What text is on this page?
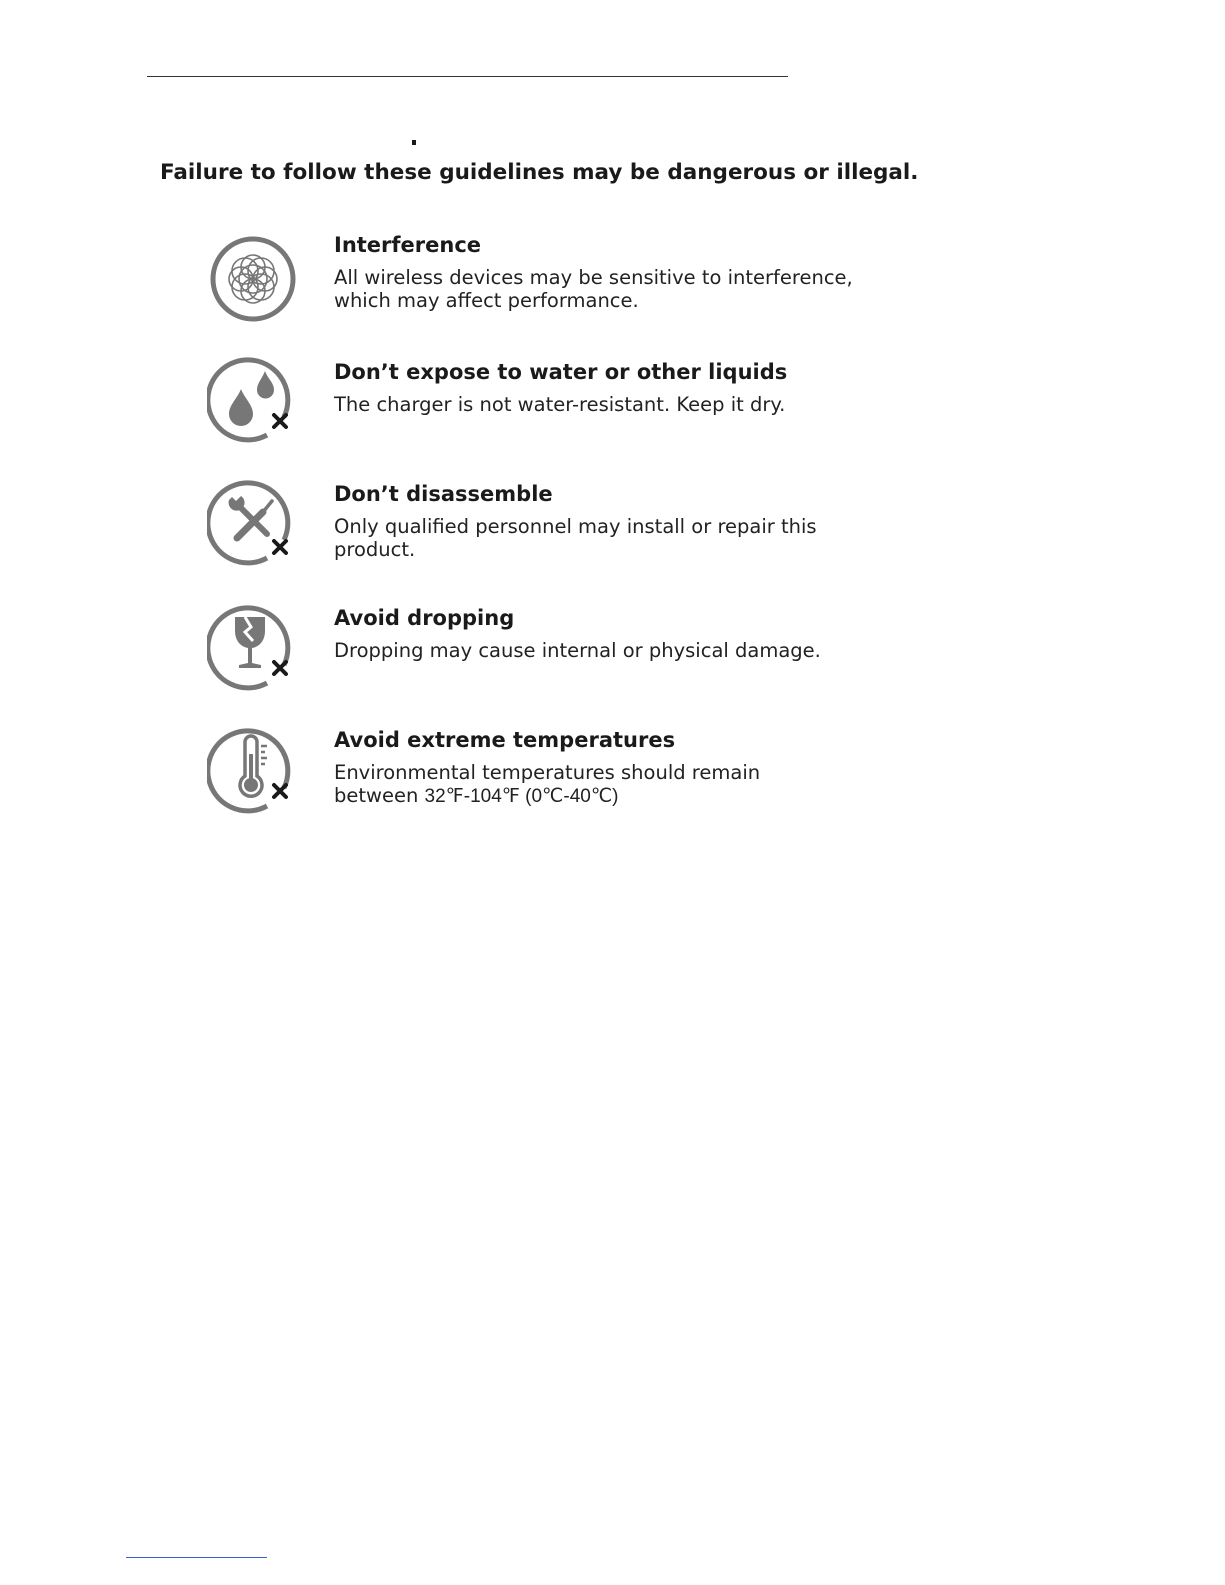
Failure to follow these guidelines may be dangerous or illegal.
Interference
All wireless devices may be sensitive to interference,
which may affect performance.
Don’t expose to water or other liquids
The charger is not water-resistant. Keep it dry.
Don’t disassemble
Only qualified personnel may install or repair this
product.
Avoid dropping
Dropping may cause internal or physical damage.
Avoid extreme temperatures
Environmental temperatures should remain
between 32℉-104℉ (0℃-40℃)
